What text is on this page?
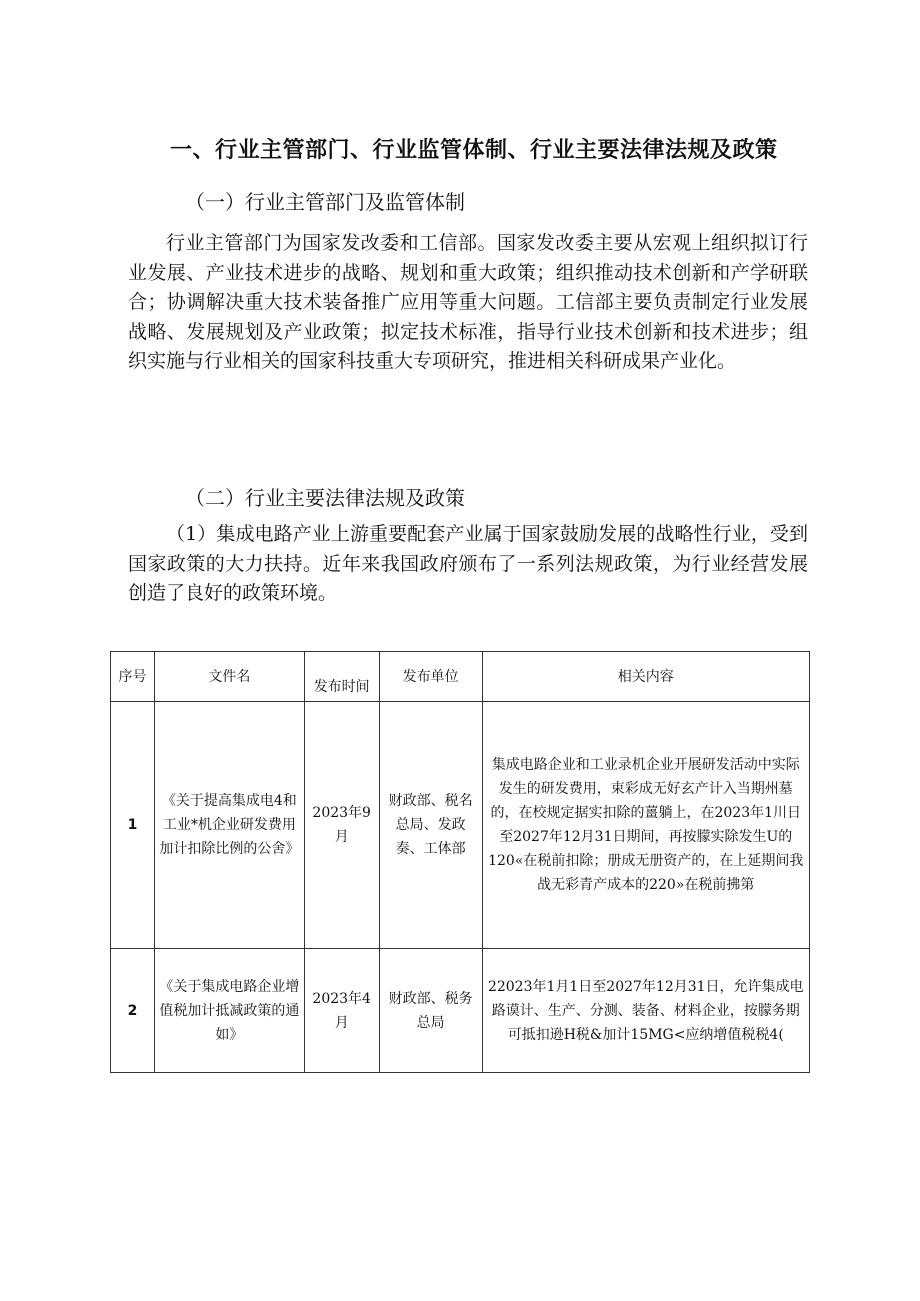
一、行业主管部门、行业监管体制、行业主要法律法规及政策
（一）行业主管部门及监管体制

行业主管部门为国家发改委和工信部。国家发改委主要从宏观上组织拟订行业发展、产业技术进步的战略、规划和重大政策；组织推动技术创新和产学研联合；协调解决重大技术装备推广应用等重大问题。工信部主要负责制定行业发展战略、发展规划及产业政策；拟定技术标准，指导行业技术创新和技术进步；组织实施与行业相关的国家科技重大专项研究，推进相关科研成果产业化。

（二）行业主要法律法规及政策

（1）集成电路产业上游重要配套产业属于国家鼓励发展的战略性行业，受到国家政策的大力扶持。近年来我国政府颁布了一系列法规政策，为行业经营发展创造了良好的政策环境。

序号	文件名	发布时间	发布单位	相关内容
1	《关于提高集成电4和工业*机企业研发费用加计扣除比例的公舍》	2023年9月	财政部、税名总局、发政奏、工体部	集成电路企业和工业录机企业开展研发活动中实际发生的研发费用，束彩成无好玄产计入当期州墓的，在校规定据实扣除的薑躺上，在2023年1川日至2027年12月31日期间，再按朦实除发生U的120«在税前扣除；册成无册资产的，在上延期间我战无彩青产成本的220»在税前拂第
2	《关于集成电路企业增值税加计抵减政策的通如》	2023年4月	财政部、税务总局	22023年1月1日至2027年12月31日，允许集成电路谟计、生产、分测、装备、材料企业，按朦务期可抵扣逊H税&加计15MG<应纳增值税税4(
